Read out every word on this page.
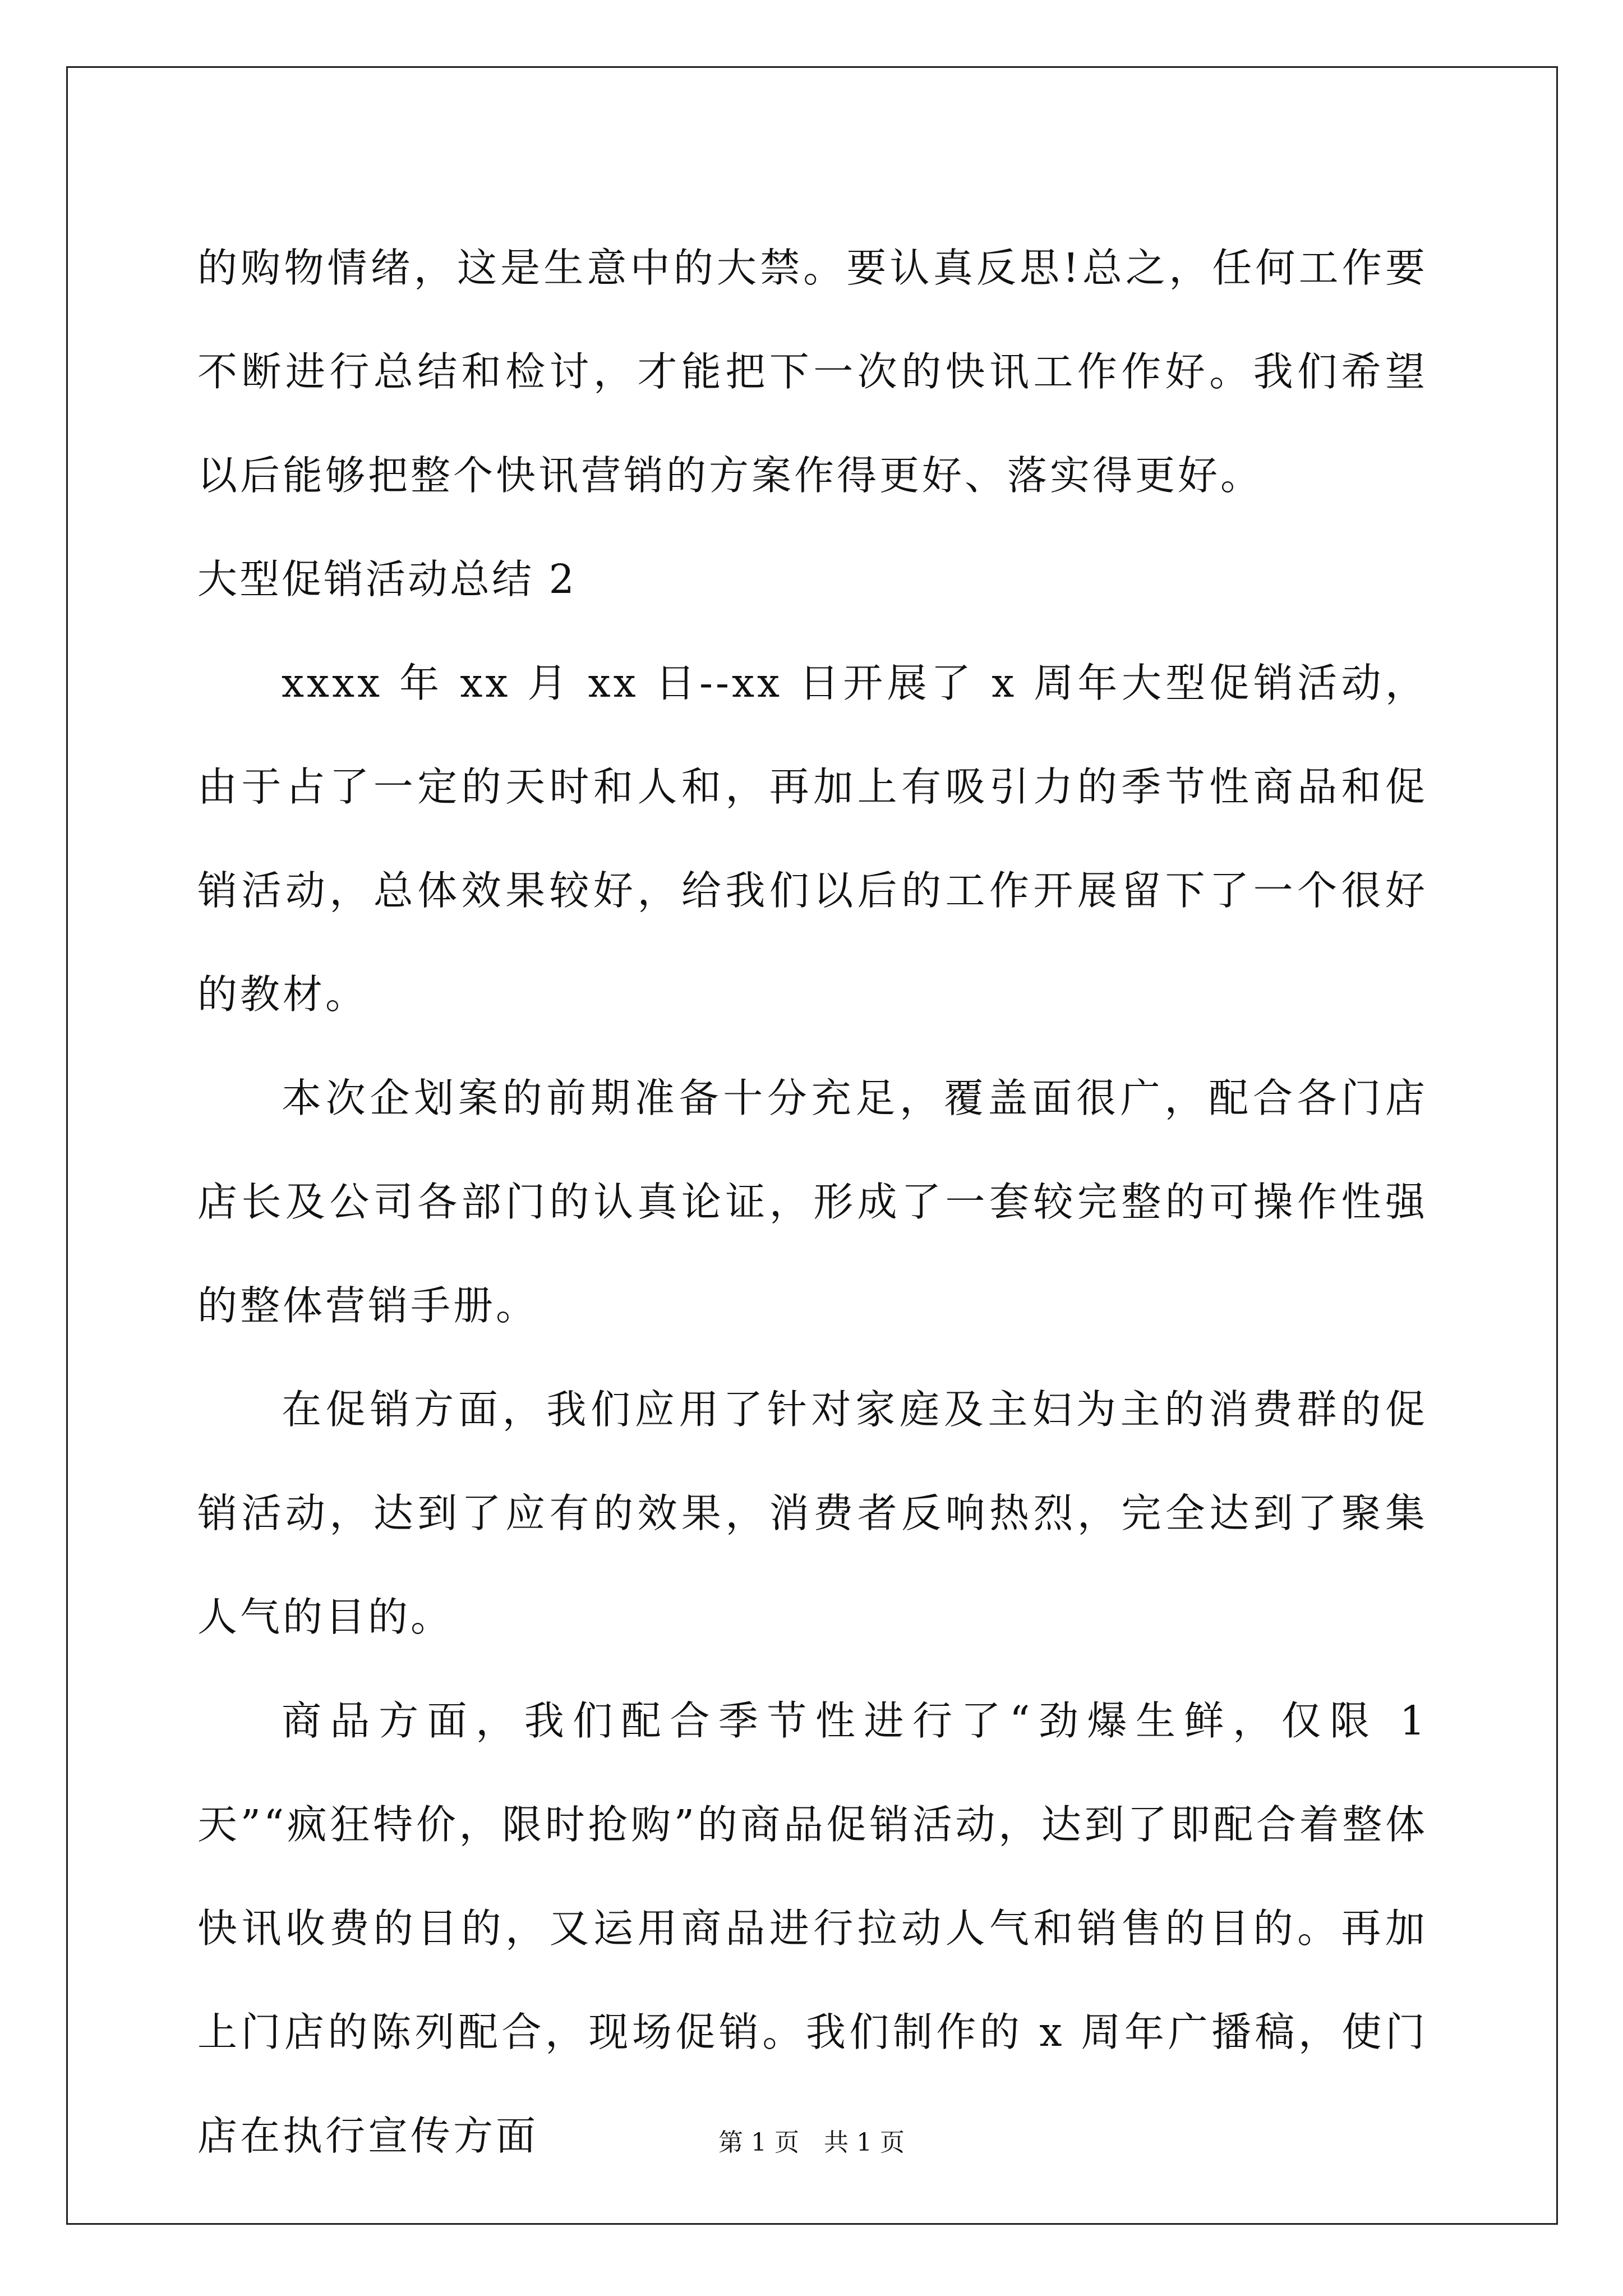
的购物情绪，这是生意中的大禁。要认真反思!总之，任何工作要不断进行总结和检讨，才能把下一次的快讯工作作好。我们希望以后能够把整个快讯营销的方案作得更好、落实得更好。

大型促销活动总结 2

xxxx 年 xx 月 xx 日--xx 日开展了 x 周年大型促销活动，由于占了一定的天时和人和，再加上有吸引力的季节性商品和促销活动，总体效果较好，给我们以后的工作开展留下了一个很好的教材。

本次企划案的前期准备十分充足，覆盖面很广，配合各门店店长及公司各部门的认真论证，形成了一套较完整的可操作性强的整体营销手册。

在促销方面，我们应用了针对家庭及主妇为主的消费群的促销活动，达到了应有的效果，消费者反响热烈，完全达到了聚集人气的目的。

商品方面，我们配合季节性进行了“劲爆生鲜，仅限 1 天”“疯狂特价，限时抢购”的商品促销活动，达到了即配合着整体快讯收费的目的，又运用商品进行拉动人气和销售的目的。再加上门店的陈列配合，现场促销。我们制作的 x 周年广播稿，使门店在执行宣传方面	第 1 页　共 1 页
